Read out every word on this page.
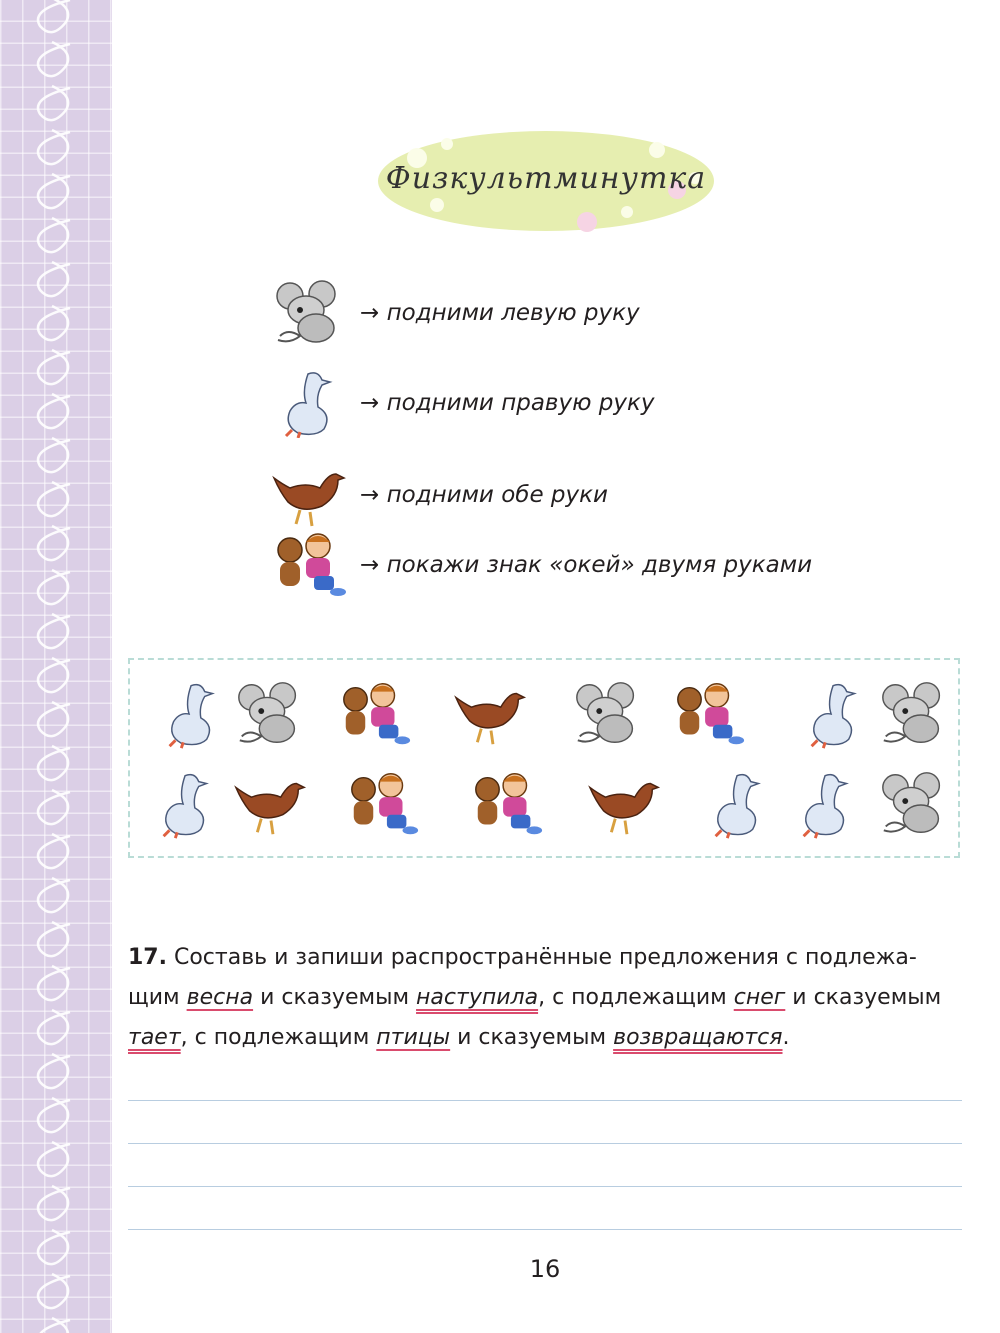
Физкультминутка
→ подними левую руку
→ подними правую руку
→ подними обе руки
→ покажи знак «окей» двумя руками
17. Составь и запиши распространённые предложения с подлежа-щим весна и сказуемым наступила, с подлежащим снег и сказуемым тает, с подлежащим птицы и сказуемым возвращаются.
16
